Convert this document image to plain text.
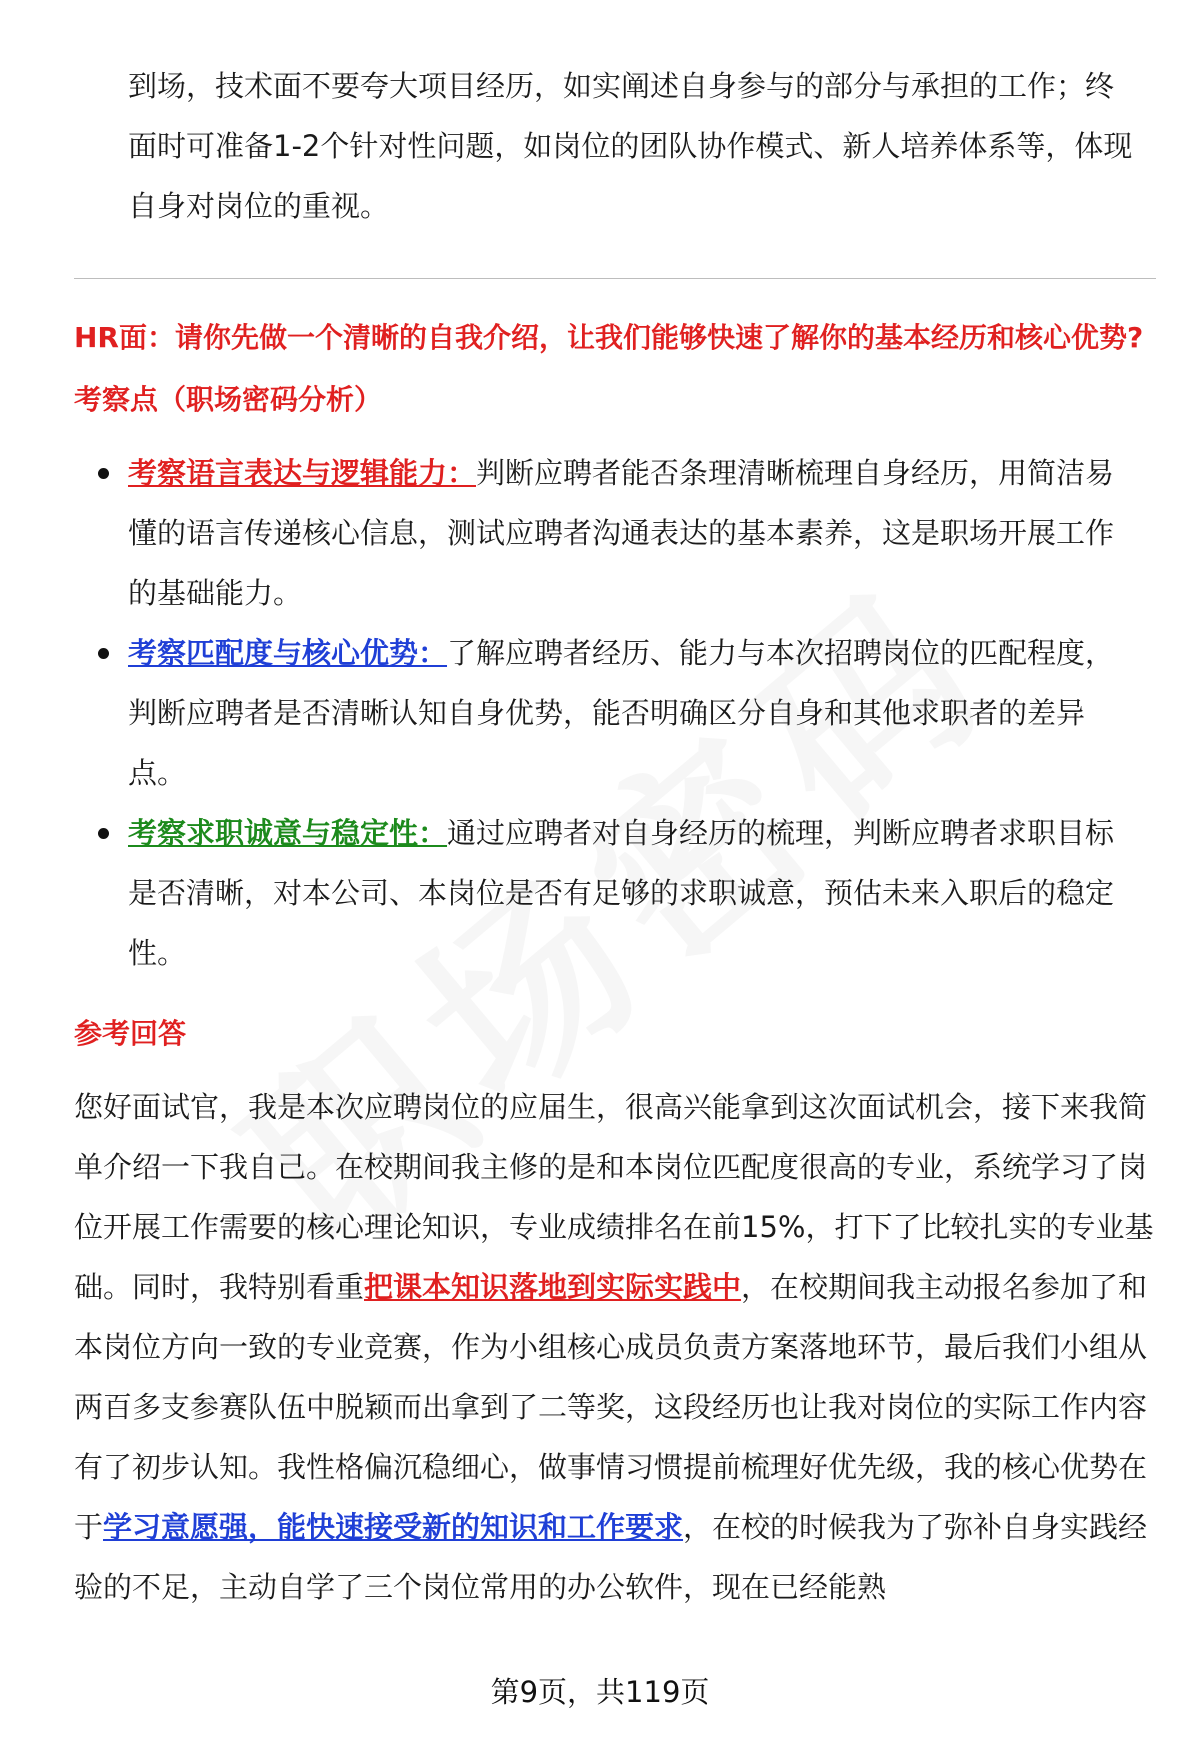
到场，技术面不要夸大项目经历，如实阐述自身参与的部分与承担的工作；终面时可准备1-2个针对性问题，如岗位的团队协作模式、新人培养体系等，体现自身对岗位的重视。

HR面：请你先做一个清晰的自我介绍，让我们能够快速了解你的基本经历和核心优势?

考察点（职场密码分析）

考察语言表达与逻辑能力：判断应聘者能否条理清晰梳理自身经历，用简洁易懂的语言传递核心信息，测试应聘者沟通表达的基本素养，这是职场开展工作的基础能力。
考察匹配度与核心优势：了解应聘者经历、能力与本次招聘岗位的匹配程度，判断应聘者是否清晰认知自身优势，能否明确区分自身和其他求职者的差异点。
考察求职诚意与稳定性：通过应聘者对自身经历的梳理，判断应聘者求职目标是否清晰，对本公司、本岗位是否有足够的求职诚意，预估未来入职后的稳定性。

参考回答

您好面试官，我是本次应聘岗位的应届生，很高兴能拿到这次面试机会，接下来我简单介绍一下我自己。在校期间我主修的是和本岗位匹配度很高的专业，系统学习了岗位开展工作需要的核心理论知识，专业成绩排名在前15%，打下了比较扎实的专业基础。同时，我特别看重把课本知识落地到实际实践中，在校期间我主动报名参加了和本岗位方向一致的专业竞赛，作为小组核心成员负责方案落地环节，最后我们小组从两百多支参赛队伍中脱颖而出拿到了二等奖，这段经历也让我对岗位的实际工作内容有了初步认知。我性格偏沉稳细心，做事情习惯提前梳理好优先级，我的核心优势在于学习意愿强，能快速接受新的知识和工作要求，在校的时候我为了弥补自身实践经验的不足，主动自学了三个岗位常用的办公软件，现在已经能熟

第9页，共119页
